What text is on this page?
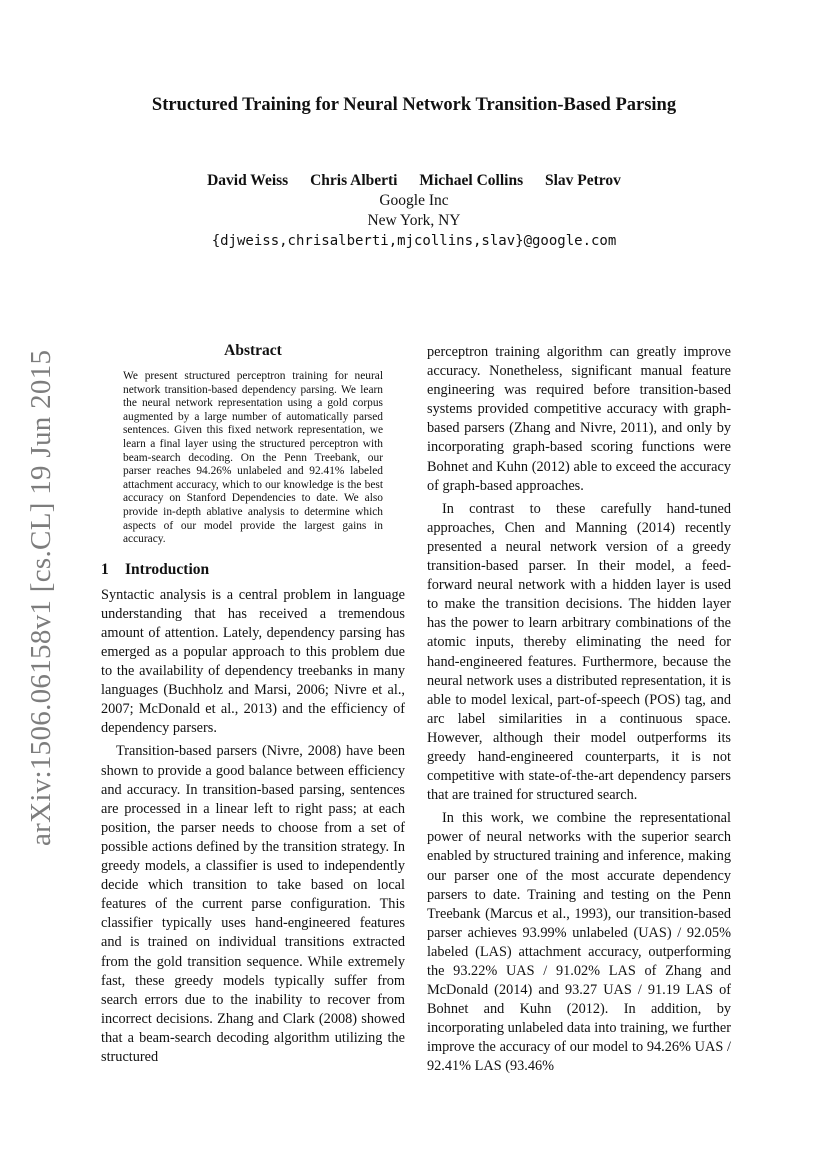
arXiv:1506.06158v1 [cs.CL] 19 Jun 2015
Structured Training for Neural Network Transition-Based Parsing
David Weiss Chris Alberti Michael Collins Slav Petrov
Google Inc
New York, NY
{djweiss,chrisalberti,mjcollins,slav}@google.com
Abstract

We present structured perceptron training for neural network transition-based dependency parsing. We learn the neural network representation using a gold corpus augmented by a large number of automatically parsed sentences. Given this fixed network representation, we learn a final layer using the structured perceptron with beam-search decoding. On the Penn Treebank, our parser reaches 94.26% unlabeled and 92.41% labeled attachment accuracy, which to our knowledge is the best accuracy on Stanford Dependencies to date. We also provide in-depth ablative analysis to determine which aspects of our model provide the largest gains in accuracy.

1 Introduction

Syntactic analysis is a central problem in language understanding that has received a tremendous amount of attention. Lately, dependency parsing has emerged as a popular approach to this problem due to the availability of dependency treebanks in many languages (Buchholz and Marsi, 2006; Nivre et al., 2007; McDonald et al., 2013) and the efficiency of dependency parsers.

Transition-based parsers (Nivre, 2008) have been shown to provide a good balance between efficiency and accuracy. In transition-based parsing, sentences are processed in a linear left to right pass; at each position, the parser needs to choose from a set of possible actions defined by the transition strategy. In greedy models, a classifier is used to independently decide which transition to take based on local features of the current parse configuration. This classifier typically uses hand-engineered features and is trained on individual transitions extracted from the gold transition sequence. While extremely fast, these greedy models typically suffer from search errors due to the inability to recover from incorrect decisions. Zhang and Clark (2008) showed that a beam-search decoding algorithm utilizing the structured

perceptron training algorithm can greatly improve accuracy. Nonetheless, significant manual feature engineering was required before transition-based systems provided competitive accuracy with graph-based parsers (Zhang and Nivre, 2011), and only by incorporating graph-based scoring functions were Bohnet and Kuhn (2012) able to exceed the accuracy of graph-based approaches.

In contrast to these carefully hand-tuned approaches, Chen and Manning (2014) recently presented a neural network version of a greedy transition-based parser. In their model, a feed-forward neural network with a hidden layer is used to make the transition decisions. The hidden layer has the power to learn arbitrary combinations of the atomic inputs, thereby eliminating the need for hand-engineered features. Furthermore, because the neural network uses a distributed representation, it is able to model lexical, part-of-speech (POS) tag, and arc label similarities in a continuous space. However, although their model outperforms its greedy hand-engineered counterparts, it is not competitive with state-of-the-art dependency parsers that are trained for structured search.

In this work, we combine the representational power of neural networks with the superior search enabled by structured training and inference, making our parser one of the most accurate dependency parsers to date. Training and testing on the Penn Treebank (Marcus et al., 1993), our transition-based parser achieves 93.99% unlabeled (UAS) / 92.05% labeled (LAS) attachment accuracy, outperforming the 93.22% UAS / 91.02% LAS of Zhang and McDonald (2014) and 93.27 UAS / 91.19 LAS of Bohnet and Kuhn (2012). In addition, by incorporating unlabeled data into training, we further improve the accuracy of our model to 94.26% UAS / 92.41% LAS (93.46%
